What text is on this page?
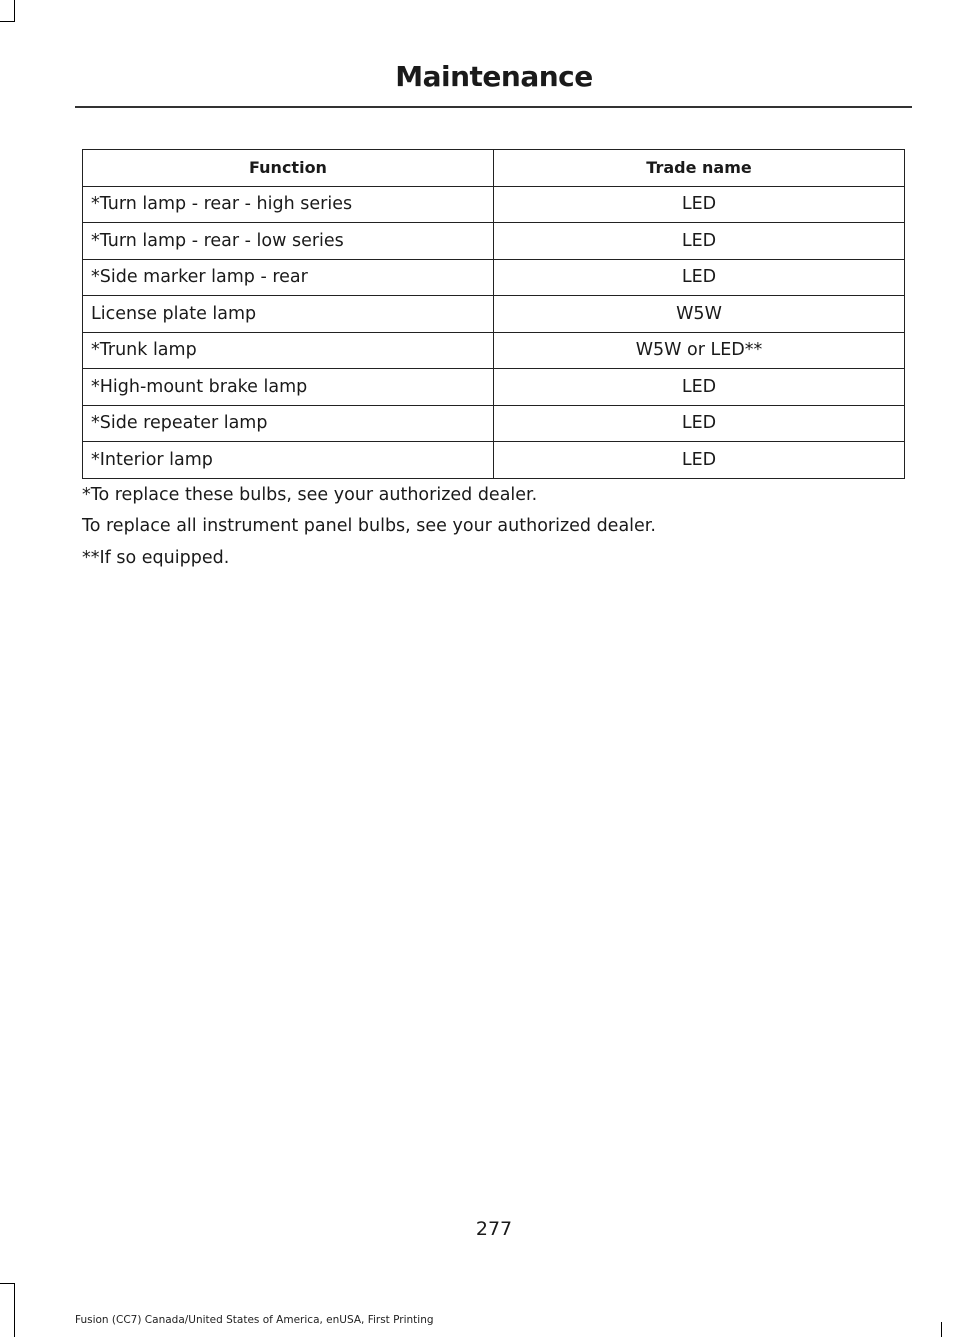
Maintenance
Function	Trade name
*Turn lamp - rear - high series	LED
*Turn lamp - rear - low series	LED
*Side marker lamp - rear	LED
License plate lamp	W5W
*Trunk lamp	W5W or LED**
*High-mount brake lamp	LED
*Side repeater lamp	LED
*Interior lamp	LED
*To replace these bulbs, see your authorized dealer.
To replace all instrument panel bulbs, see your authorized dealer.
**If so equipped.
277
Fusion (CC7) Canada/United States of America, enUSA, First Printing
